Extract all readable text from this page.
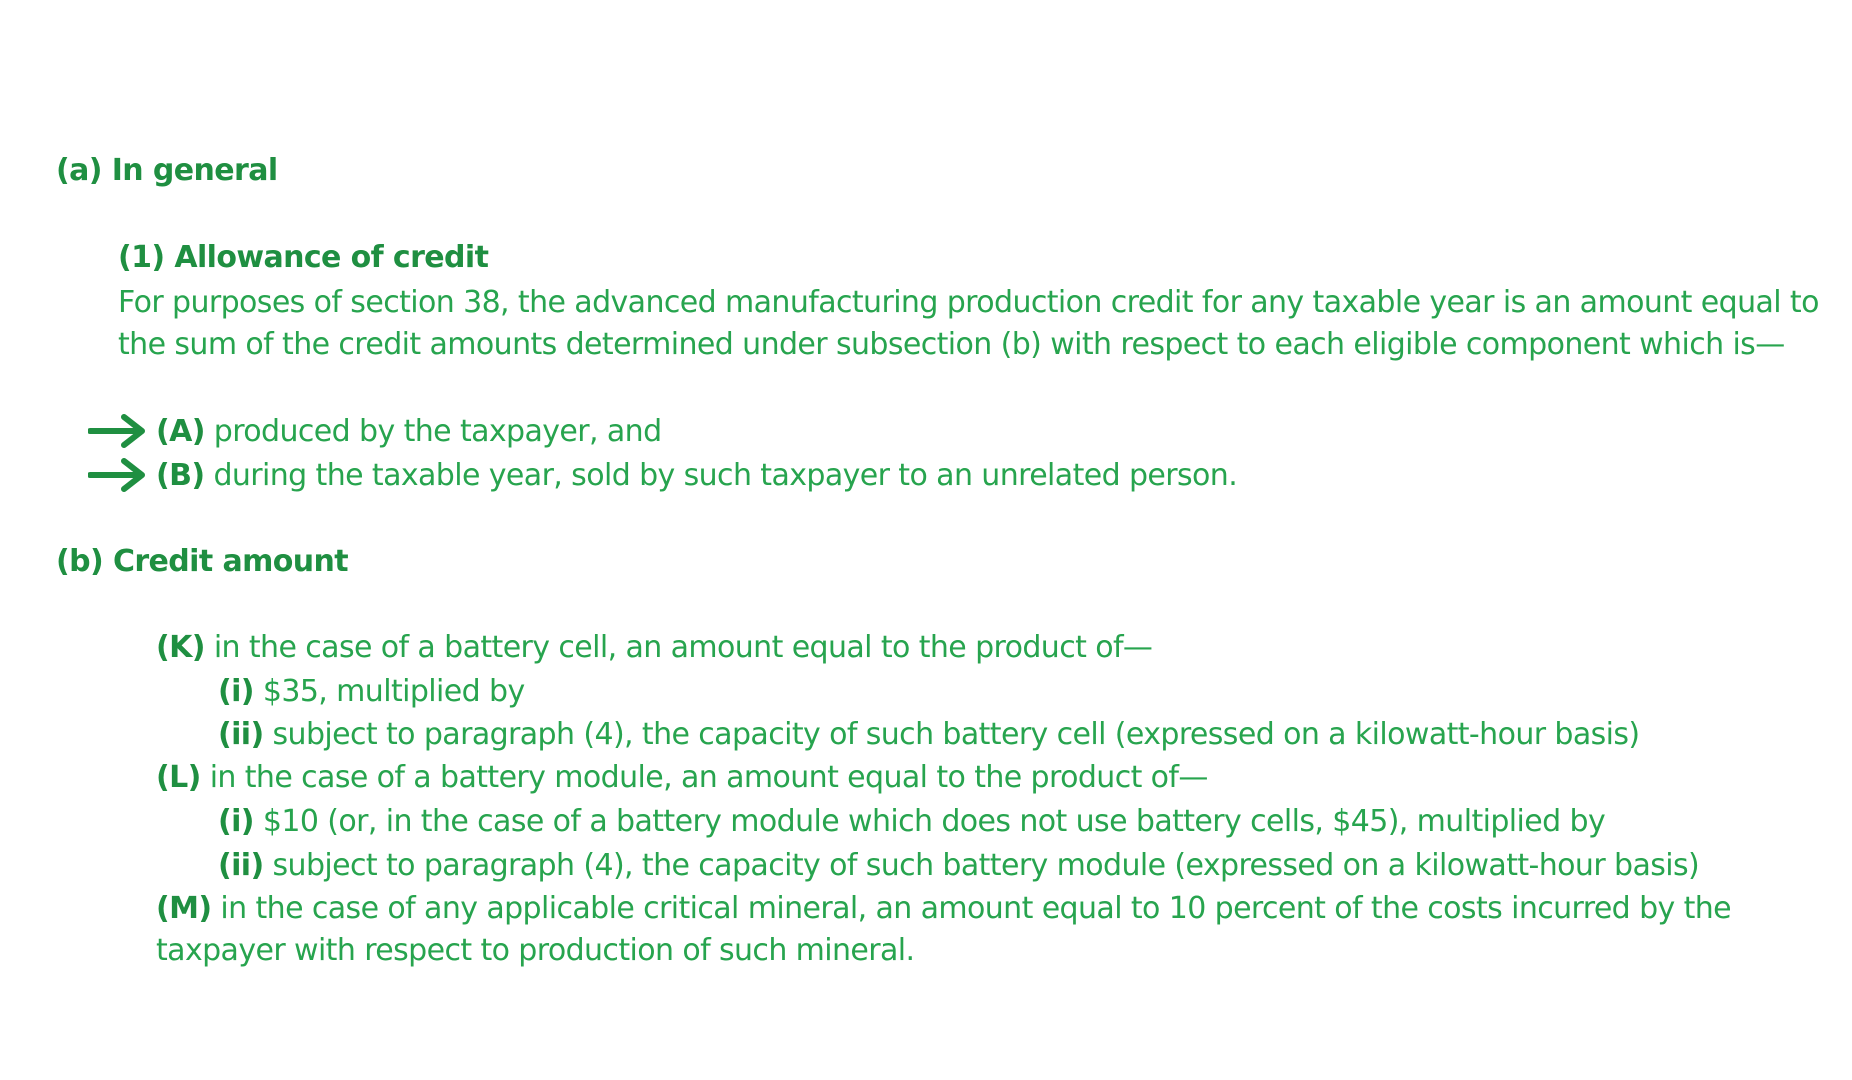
(a) In general
(1) Allowance of credit
For purposes of section 38, the advanced manufacturing production credit for any taxable year is an amount equal to
the sum of the credit amounts determined under subsection (b) with respect to each eligible component which is—
(A) produced by the taxpayer, and
(B) during the taxable year, sold by such taxpayer to an unrelated person.
(b) Credit amount
(K) in the case of a battery cell, an amount equal to the product of—
(i) $35, multiplied by
(ii) subject to paragraph (4), the capacity of such battery cell (expressed on a kilowatt-hour basis)
(L) in the case of a battery module, an amount equal to the product of—
(i) $10 (or, in the case of a battery module which does not use battery cells, $45), multiplied by
(ii) subject to paragraph (4), the capacity of such battery module (expressed on a kilowatt-hour basis)
(M) in the case of any applicable critical mineral, an amount equal to 10 percent of the costs incurred by the
taxpayer with respect to production of such mineral.
